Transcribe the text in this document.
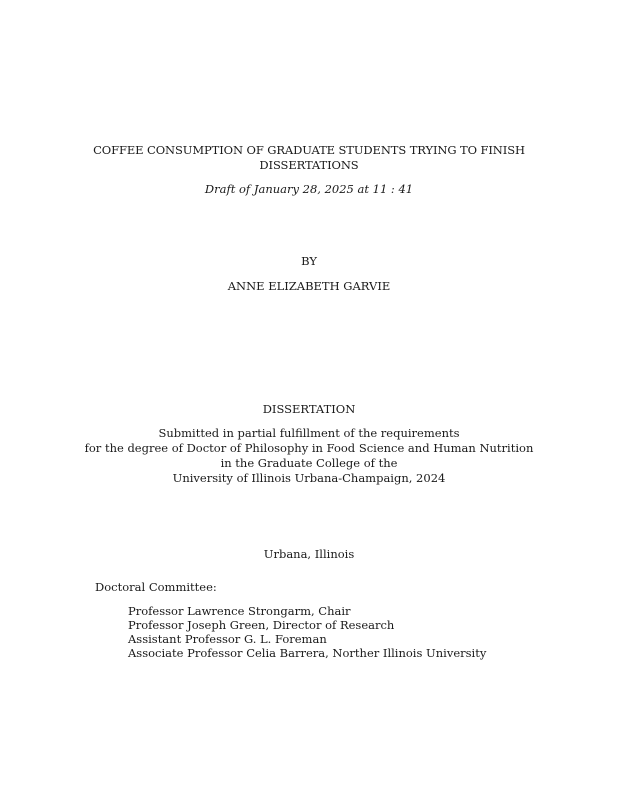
COFFEE CONSUMPTION OF GRADUATE STUDENTS TRYING TO FINISH
DISSERTATIONS
Draft of January 28, 2025 at 11 : 41
BY
ANNE ELIZABETH GARVIE
DISSERTATION
Submitted in partial fulfillment of the requirements
for the degree of Doctor of Philosophy in Food Science and Human Nutrition
in the Graduate College of the
University of Illinois Urbana-Champaign, 2024
Urbana, Illinois
Doctoral Committee:
Professor Lawrence Strongarm, Chair
Professor Joseph Green, Director of Research
Assistant Professor G. L. Foreman
Associate Professor Celia Barrera, Norther Illinois University
